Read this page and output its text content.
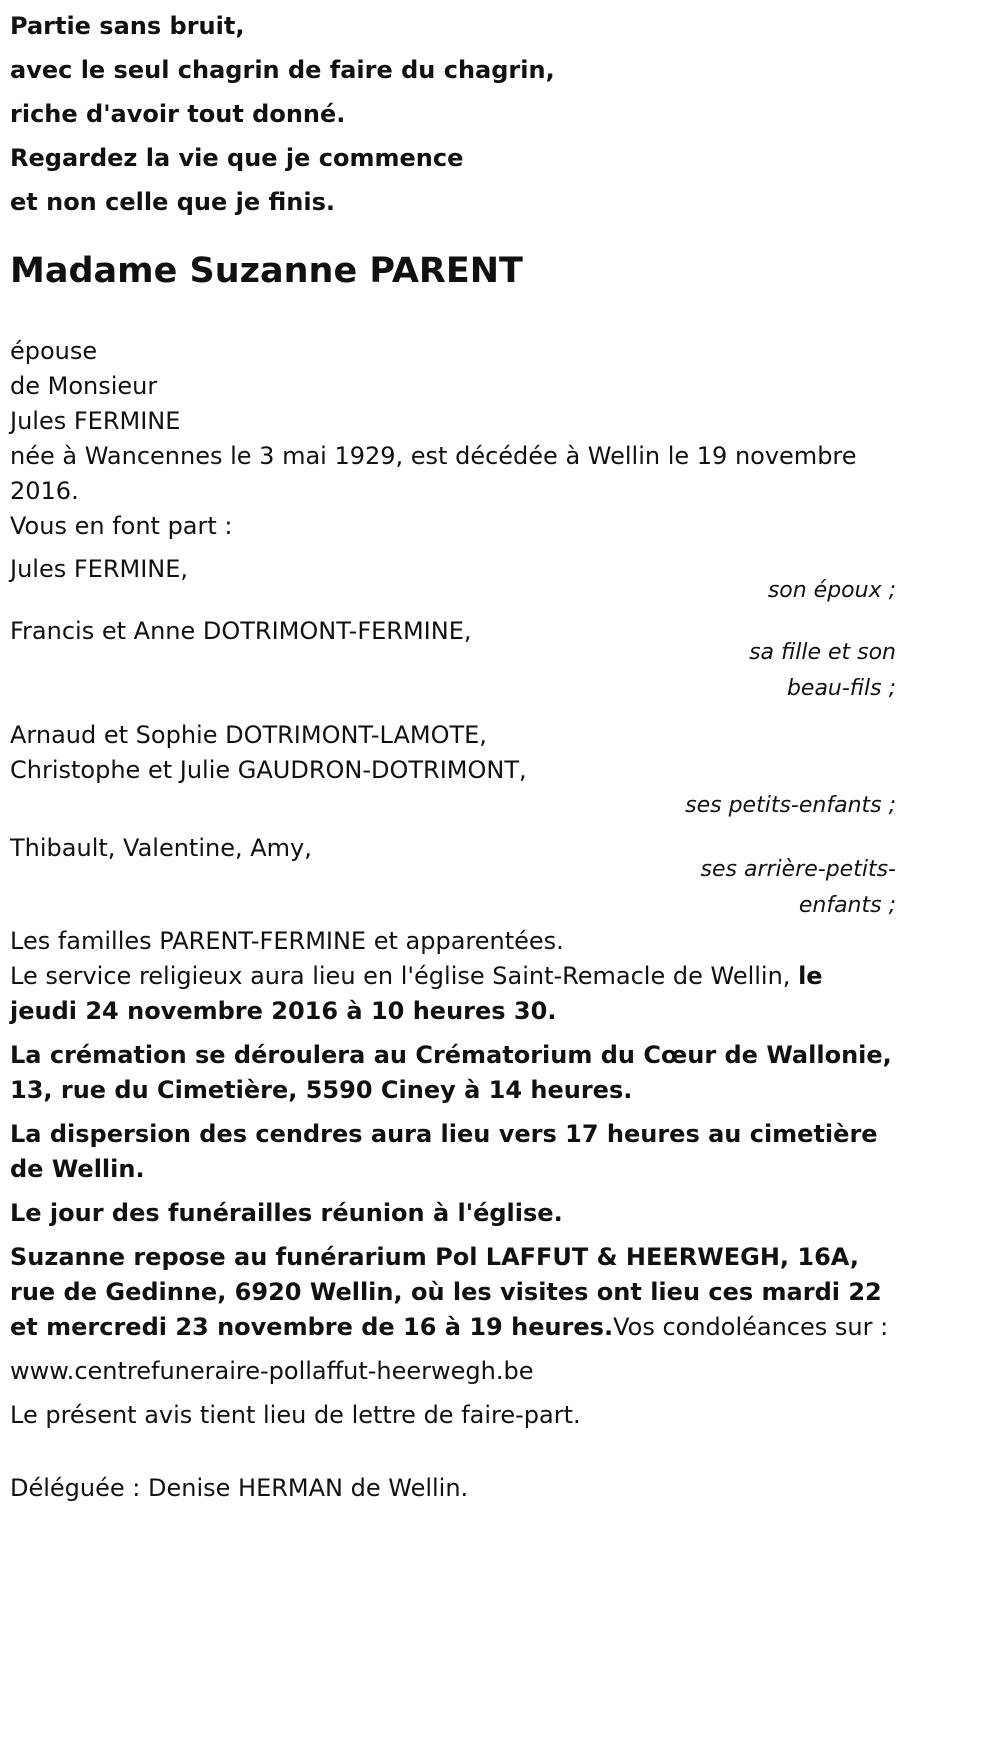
Partie sans bruit,

avec le seul chagrin de faire du chagrin,

riche d'avoir tout donné.

Regardez la vie que je commence

et non celle que je finis.

Madame Suzanne PARENT
épouse
de Monsieur
Jules FERMINE

née à Wancennes le 3 mai 1929, est décédée à Wellin le 19 novembre 2016.

Vous en font part :

Jules FERMINE,
son époux ;
Francis et Anne DOTRIMONT-FERMINE,
sa fille et son beau-fils ;
Arnaud et Sophie DOTRIMONT-LAMOTE,
Christophe et Julie GAUDRON-DOTRIMONT,
ses petits-enfants ;
Thibault, Valentine, Amy,
ses arrière-petits-enfants ;

Les familles PARENT-FERMINE et apparentées.

Le service religieux aura lieu en l'église Saint-Remacle de Wellin, le jeudi 24 novembre 2016 à 10 heures 30.

La crémation se déroulera au Crématorium du Cœur de Wallonie, 13, rue du Cimetière, 5590 Ciney à 14 heures.

La dispersion des cendres aura lieu vers 17 heures au cimetière de Wellin.

Le jour des funérailles réunion à l'église.

Suzanne repose au funérarium Pol LAFFUT & HEERWEGH, 16A, rue de Gedinne, 6920 Wellin, où les visites ont lieu ces mardi 22 et mercredi 23 novembre de 16 à 19 heures.Vos condoléances sur :

www.centrefuneraire-pollaffut-heerwegh.be

Le présent avis tient lieu de lettre de faire-part.

Déléguée : Denise HERMAN de Wellin.
